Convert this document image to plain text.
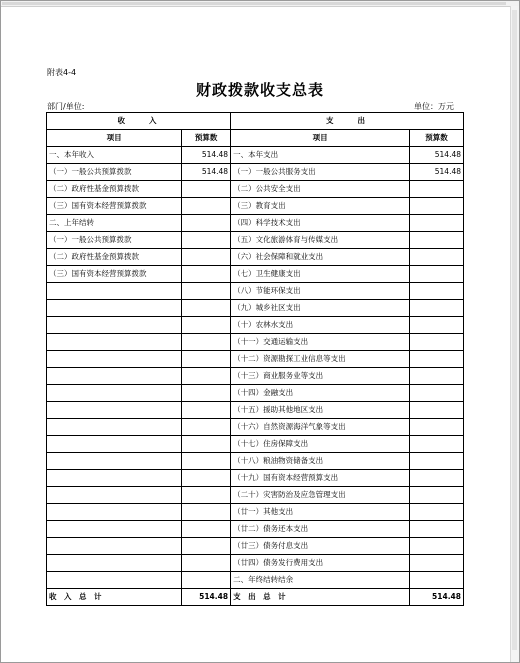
附表4-4
财政拨款收支总表
部门/单位:	单位：万元
收　　入		支　　出	
项目	预算数	项目	预算数
一、本年收入	514.48	一、本年支出	514.48
（一）一般公共预算拨款	514.48	（一）一般公共服务支出	514.48
（二）政府性基金预算拨款		（二）公共安全支出	
（三）国有资本经营预算拨款		（三）教育支出	
二、上年结转		（四）科学技术支出	
（一）一般公共预算拨款		（五）文化旅游体育与传媒支出	
（二）政府性基金预算拨款		（六）社会保障和就业支出	
（三）国有资本经营预算拨款		（七）卫生健康支出	
		（八）节能环保支出	
		（九）城乡社区支出	
		（十）农林水支出	
		（十一）交通运输支出	
		（十二）资源勘探工业信息等支出	
		（十三）商业服务业等支出	
		（十四）金融支出	
		（十五）援助其他地区支出	
		（十六）自然资源海洋气象等支出	
		（十七）住房保障支出	
		（十八）粮油物资储备支出	
		（十九）国有资本经营预算支出	
		（二十）灾害防治及应急管理支出	
		（廿一）其他支出	
		（廿二）债务还本支出	
		（廿三）债务付息支出	
		（廿四）债务发行费用支出	
		二、年终结转结余	
收　入　总　计	514.48	支　出　总　计	514.48
